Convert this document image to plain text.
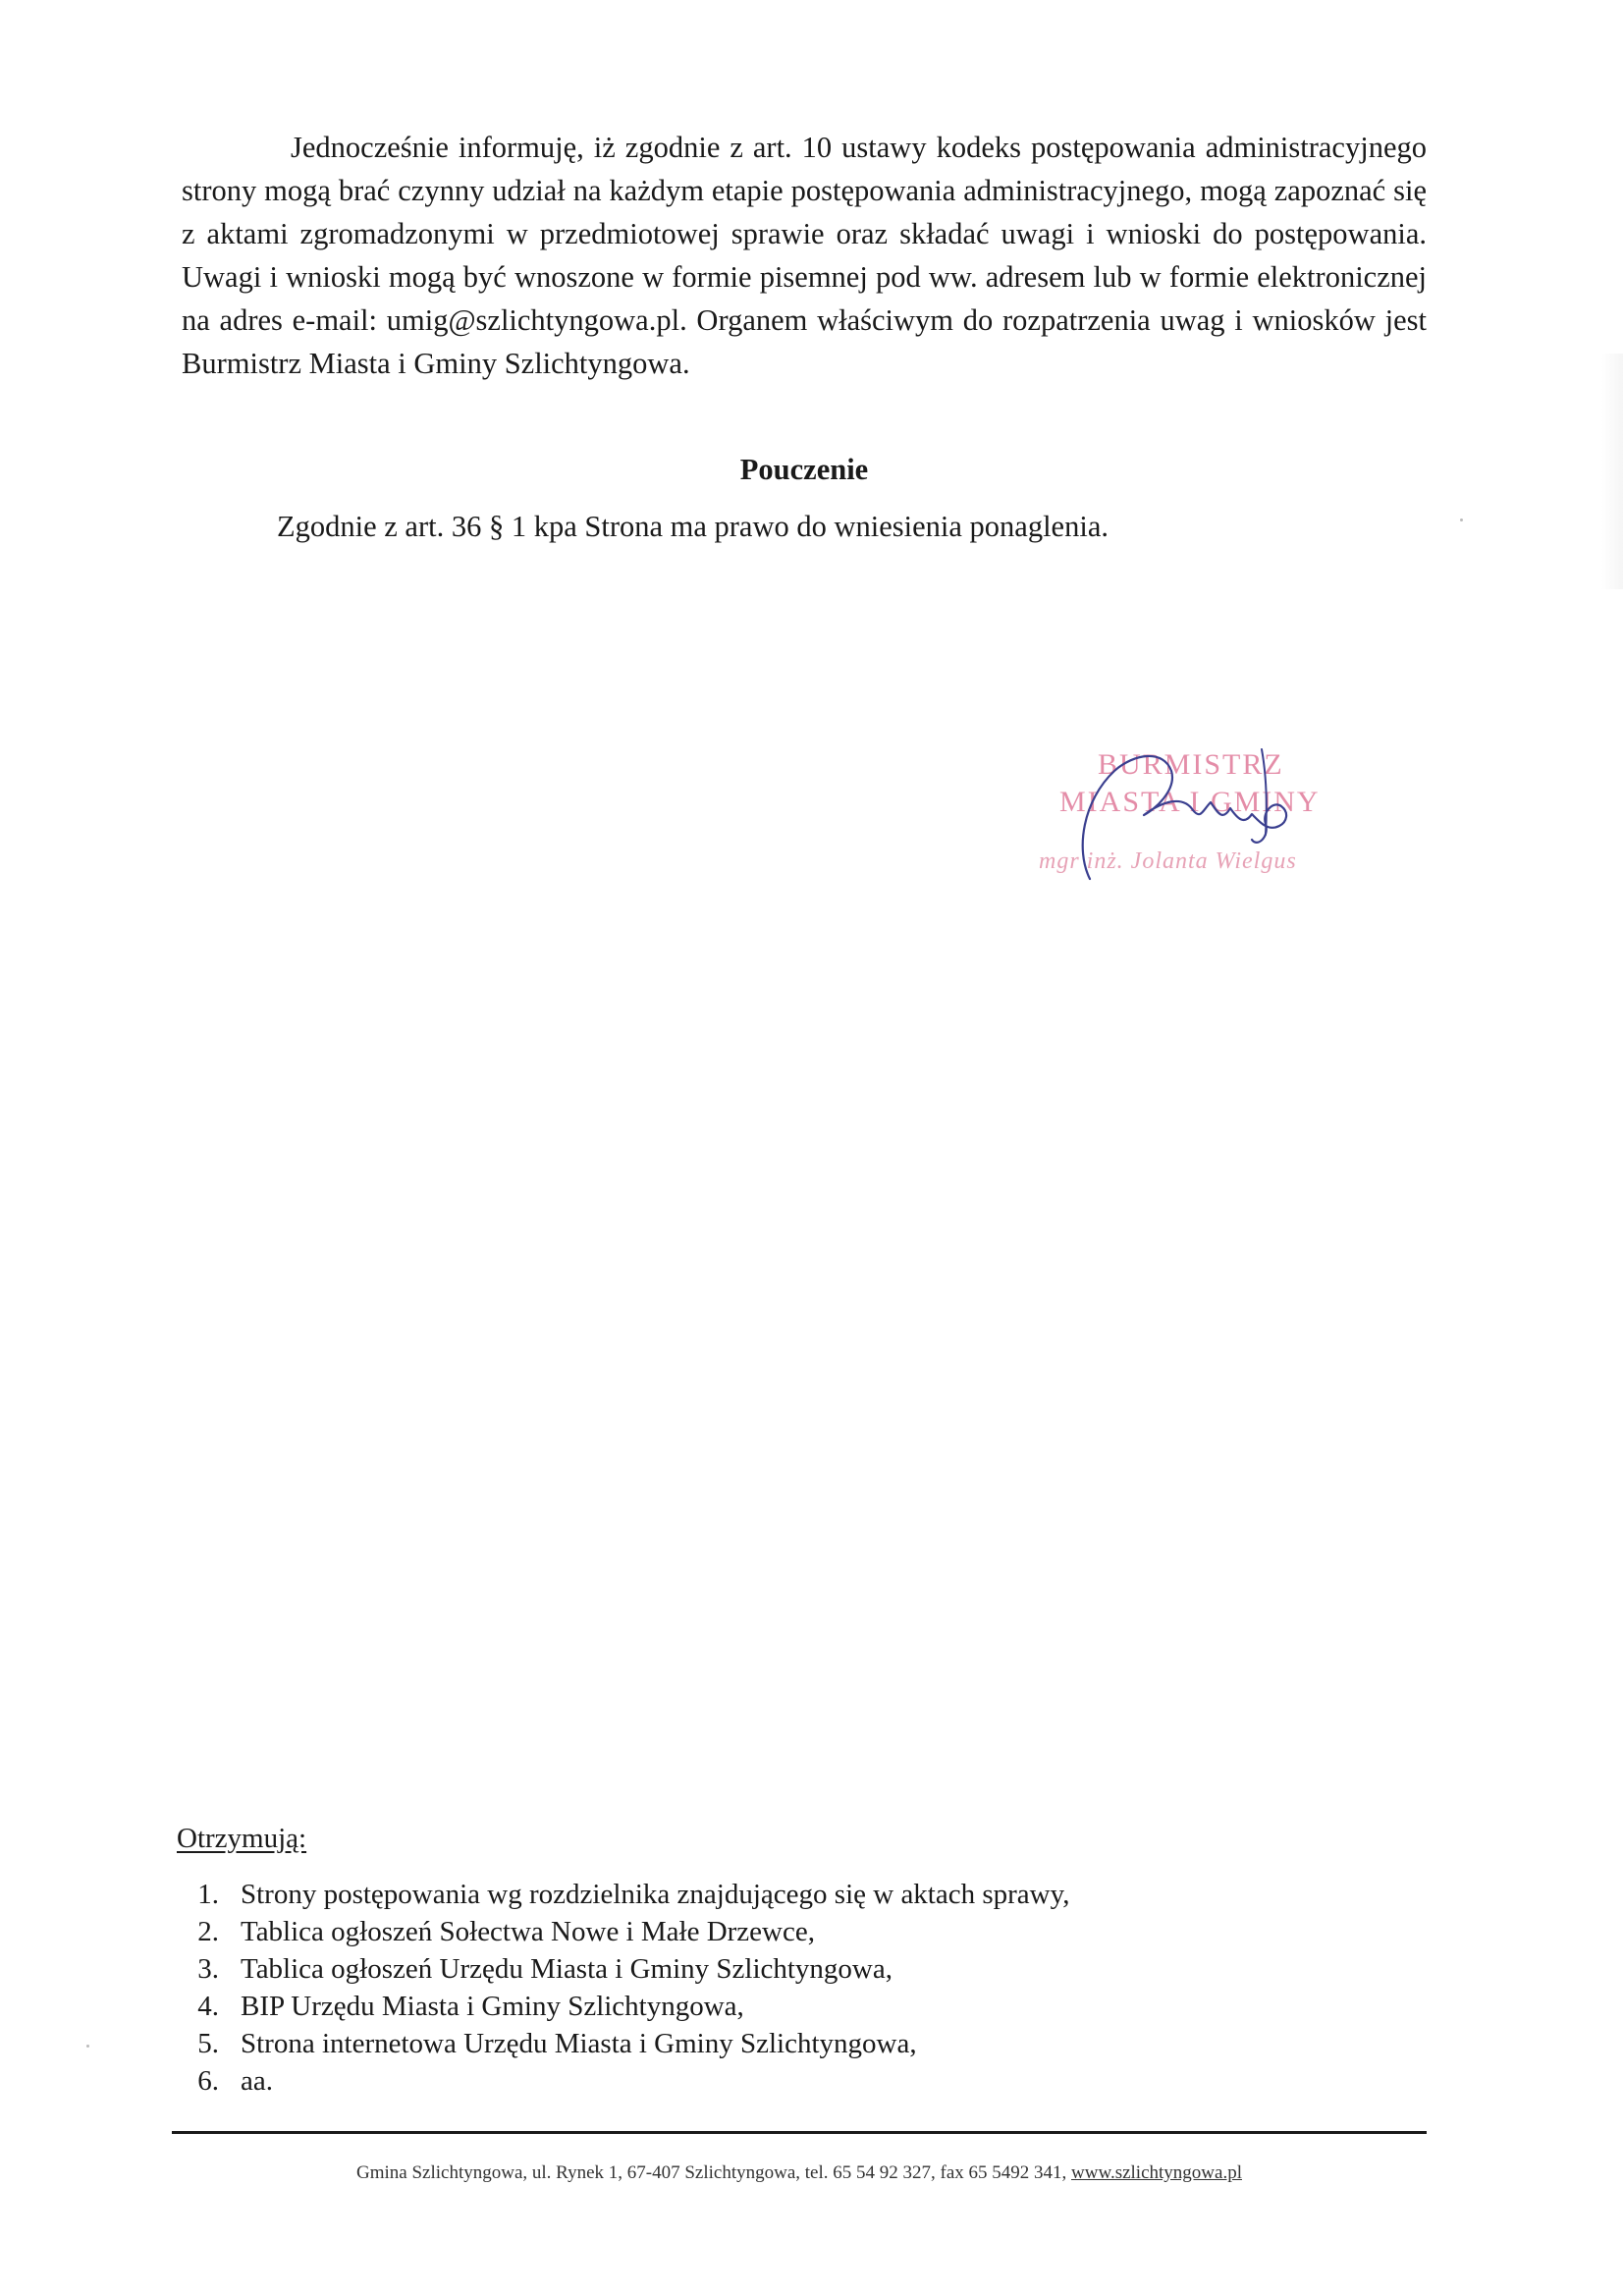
Jednocześnie informuję, iż zgodnie z art. 10 ustawy kodeks postępowania administracyjnego strony mogą brać czynny udział na każdym etapie postępowania administracyjnego, mogą zapoznać się z aktami zgromadzonymi w przedmiotowej sprawie oraz składać uwagi i wnioski do postępowania. Uwagi i wnioski mogą być wnoszone w formie pisemnej pod ww. adresem lub w formie elektronicznej na adres e-mail: umig@szlichtyngowa.pl. Organem właściwym do rozpatrzenia uwag i wniosków jest Burmistrz Miasta i Gminy Szlichtyngowa.

Pouczenie
Zgodnie z art. 36 § 1 kpa Strona ma prawo do wniesienia ponaglenia.
BURMISTRZ
MIASTA I GMINY
mgr inż. Jolanta Wielgus
Otrzymują:
1. Strony postępowania wg rozdzielnika znajdującego się w aktach sprawy,
2. Tablica ogłoszeń Sołectwa Nowe i Małe Drzewce,
3. Tablica ogłoszeń Urzędu Miasta i Gminy Szlichtyngowa,
4. BIP Urzędu Miasta i Gminy Szlichtyngowa,
5. Strona internetowa Urzędu Miasta i Gminy Szlichtyngowa,
6. aa.
Gmina Szlichtyngowa, ul. Rynek 1, 67-407 Szlichtyngowa, tel. 65 54 92 327, fax 65 5492 341, www.szlichtyngowa.pl
